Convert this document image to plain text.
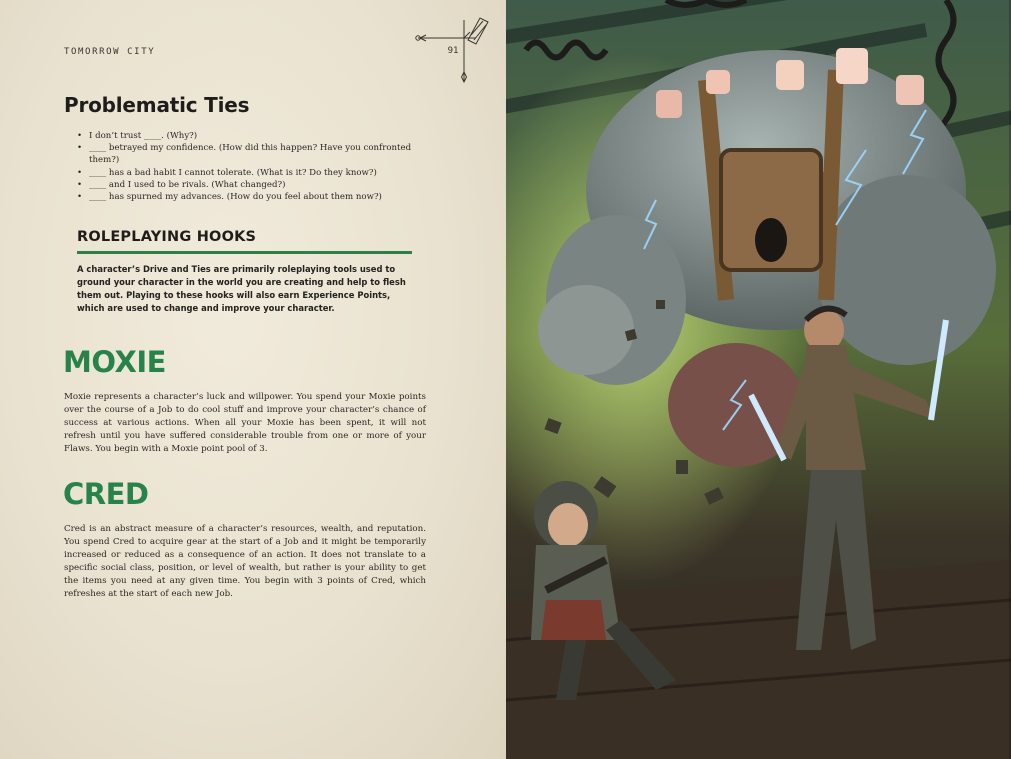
TOMORROW CITY	91
Problematic Ties
• I don’t trust ____. (Why?)
• ____ betrayed my confidence. (How did this happen? Have you confronted them?)
• ____ has a bad habit I cannot tolerate. (What is it? Do they know?)
• ____ and I used to be rivals. (What changed?)
• ____ has spurned my advances. (How do you feel about them now?)
ROLEPLAYING HOOKS

A character’s Drive and Ties are primarily roleplaying tools used to ground your character in the world you are creating and help to flesh them out. Playing to these hooks will also earn Experience Points, which are used to change and improve your character.

MOXIE

Moxie represents a character’s luck and willpower. You spend your Moxie points over the course of a Job to do cool stuff and improve your character’s chance of success at various actions. When all your Moxie has been spent, it will not refresh until you have suffered considerable trouble from one or more of your Flaws. You begin with a Moxie point pool of 3.

CRED

Cred is an abstract measure of a character’s resources, wealth, and reputation. You spend Cred to acquire gear at the start of a Job and it might be temporarily increased or reduced as a consequence of an action. It does not translate to a specific social class, position, or level of wealth, but rather is your ability to get the items you need at any given time. You begin with 3 points of Cred, which refreshes at the start of each new Job.
